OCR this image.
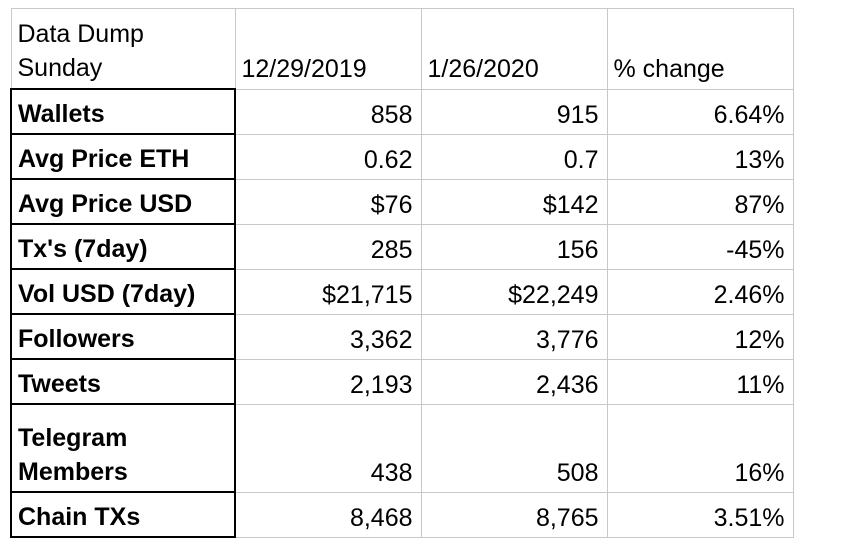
Data Dump Sunday	12/29/2019	1/26/2020	% change
Wallets	858	915	6.64%
Avg Price ETH	0.62	0.7	13%
Avg Price USD	$76	$142	87%
Tx's (7day)	285	156	-45%
Vol USD (7day)	$21,715	$22,249	2.46%
Followers	3,362	3,776	12%
Tweets	2,193	2,436	11%
Telegram Members	438	508	16%
Chain TXs	8,468	8,765	3.51%
